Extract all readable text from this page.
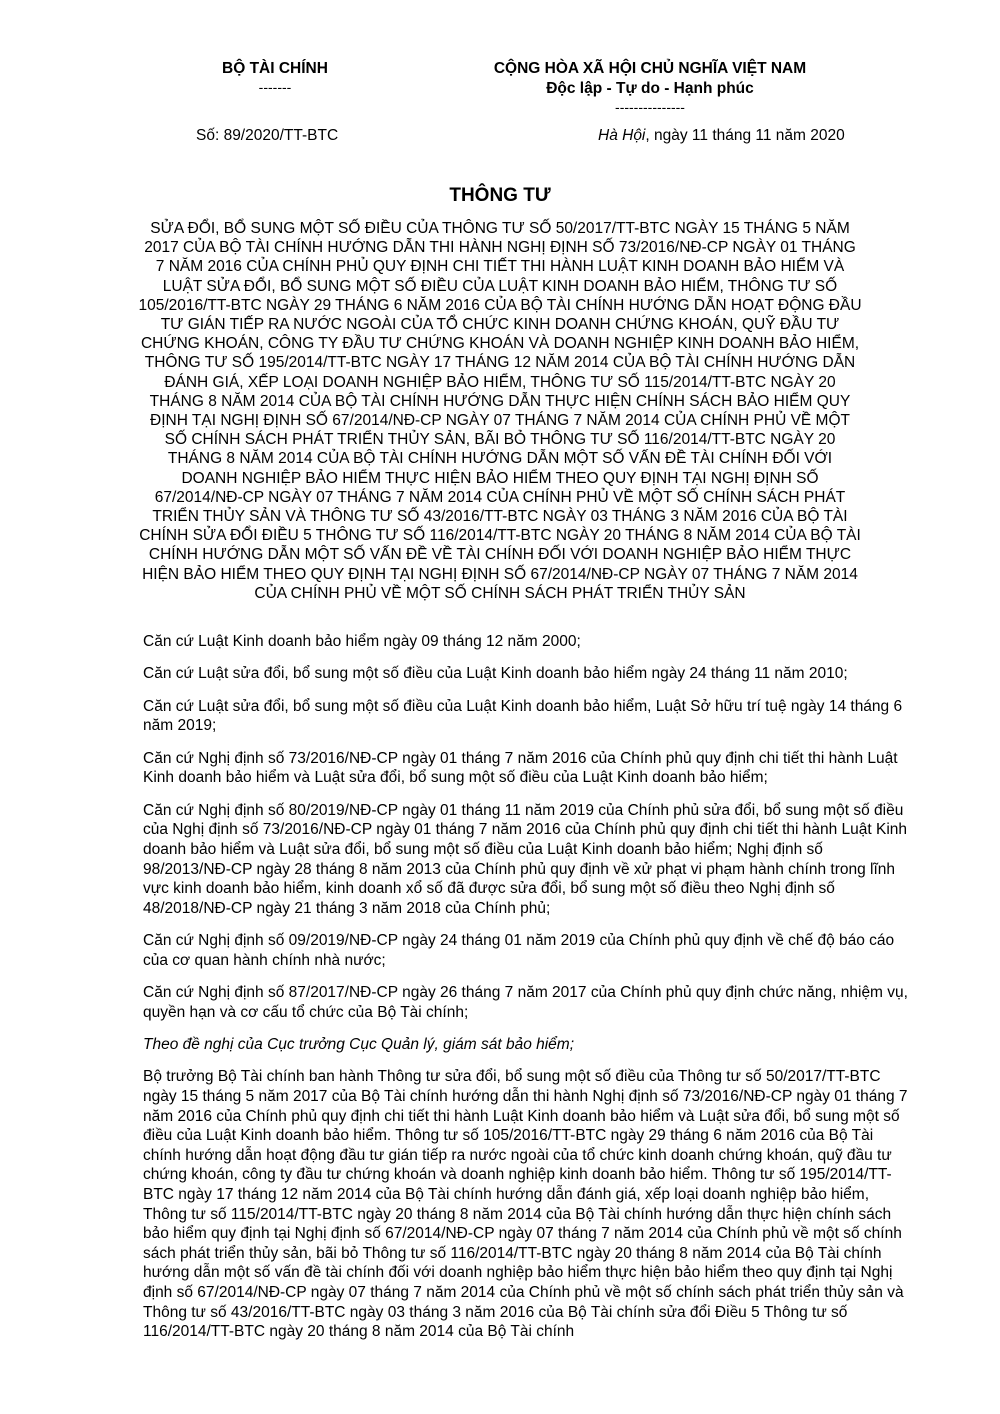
BỘ TÀI CHÍNH
-------
CỘNG HÒA XÃ HỘI CHỦ NGHĨA VIỆT NAM
Độc lập - Tự do - Hạnh phúc
---------------
Số: 89/2020/TT-BTC	Hà Hội, ngày 11 tháng 11 năm 2020
THÔNG TƯ
SỬA ĐỔI, BỔ SUNG MỘT SỐ ĐIỀU CỦA THÔNG TƯ SỐ 50/2017/TT-BTC NGÀY 15 THÁNG 5 NĂM 2017 CỦA BỘ TÀI CHÍNH HƯỚNG DẪN THI HÀNH NGHỊ ĐỊNH SỐ 73/2016/NĐ-CP NGÀY 01 THÁNG 7 NĂM 2016 CỦA CHÍNH PHỦ QUY ĐỊNH CHI TIẾT THI HÀNH LUẬT KINH DOANH BẢO HIỂM VÀ LUẬT SỬA ĐỔI, BỔ SUNG MỘT SỐ ĐIỀU CỦA LUẬT KINH DOANH BẢO HIỂM, THÔNG TƯ SỐ 105/2016/TT-BTC NGÀY 29 THÁNG 6 NĂM 2016 CỦA BỘ TÀI CHÍNH HƯỚNG DẪN HOẠT ĐỘNG ĐẦU TƯ GIÁN TIẾP RA NƯỚC NGOÀI CỦA TỔ CHỨC KINH DOANH CHỨNG KHOÁN, QUỸ ĐẦU TƯ CHỨNG KHOÁN, CÔNG TY ĐẦU TƯ CHỨNG KHOÁN VÀ DOANH NGHIỆP KINH DOANH BẢO HIỂM, THÔNG TƯ SỐ 195/2014/TT-BTC NGÀY 17 THÁNG 12 NĂM 2014 CỦA BỘ TÀI CHÍNH HƯỚNG DẪN ĐÁNH GIÁ, XẾP LOẠI DOANH NGHIỆP BẢO HIỂM, THÔNG TƯ SỐ 115/2014/TT-BTC NGÀY 20 THÁNG 8 NĂM 2014 CỦA BỘ TÀI CHÍNH HƯỚNG DẪN THỰC HIỆN CHÍNH SÁCH BẢO HIỂM QUY ĐỊNH TẠI NGHỊ ĐỊNH SỐ 67/2014/NĐ-CP NGÀY 07 THÁNG 7 NĂM 2014 CỦA CHÍNH PHỦ VỀ MỘT SỐ CHÍNH SÁCH PHÁT TRIỂN THỦY SẢN, BÃI BỎ THÔNG TƯ SỐ 116/2014/TT-BTC NGÀY 20 THÁNG 8 NĂM 2014 CỦA BỘ TÀI CHÍNH HƯỚNG DẪN MỘT SỐ VẤN ĐỀ TÀI CHÍNH ĐỐI VỚI DOANH NGHIỆP BẢO HIỂM THỰC HIỆN BẢO HIỂM THEO QUY ĐỊNH TẠI NGHỊ ĐỊNH SỐ 67/2014/NĐ-CP NGÀY 07 THÁNG 7 NĂM 2014 CỦA CHÍNH PHỦ VỀ MỘT SỐ CHÍNH SÁCH PHÁT TRIỂN THỦY SẢN VÀ THÔNG TƯ SỐ 43/2016/TT-BTC NGÀY 03 THÁNG 3 NĂM 2016 CỦA BỘ TÀI CHÍNH SỬA ĐỔI ĐIỀU 5 THÔNG TƯ SỐ 116/2014/TT-BTC NGÀY 20 THÁNG 8 NĂM 2014 CỦA BỘ TÀI CHÍNH HƯỚNG DẪN MỘT SỐ VẤN ĐỀ VỀ TÀI CHÍNH ĐỐI VỚI DOANH NGHIỆP BẢO HIỂM THỰC HIỆN BẢO HIỂM THEO QUY ĐỊNH TẠI NGHỊ ĐỊNH SỐ 67/2014/NĐ-CP NGÀY 07 THÁNG 7 NĂM 2014 CỦA CHÍNH PHỦ VỀ MỘT SỐ CHÍNH SÁCH PHÁT TRIỂN THỦY SẢN

Căn cứ Luật Kinh doanh bảo hiểm ngày 09 tháng 12 năm 2000;

Căn cứ Luật sửa đổi, bổ sung một số điều của Luật Kinh doanh bảo hiểm ngày 24 tháng 11 năm 2010;

Căn cứ Luật sửa đổi, bổ sung một số điều của Luật Kinh doanh bảo hiểm, Luật Sở hữu trí tuệ ngày 14 tháng 6 năm 2019;

Căn cứ Nghị định số 73/2016/NĐ-CP ngày 01 tháng 7 năm 2016 của Chính phủ quy định chi tiết thi hành Luật Kinh doanh bảo hiểm và Luật sửa đổi, bổ sung một số điều của Luật Kinh doanh bảo hiểm;

Căn cứ Nghị định số 80/2019/NĐ-CP ngày 01 tháng 11 năm 2019 của Chính phủ sửa đổi, bổ sung một số điều của Nghị định số 73/2016/NĐ-CP ngày 01 tháng 7 năm 2016 của Chính phủ quy định chi tiết thi hành Luật Kinh doanh bảo hiểm và Luật sửa đổi, bổ sung một số điều của Luật Kinh doanh bảo hiểm; Nghị định số 98/2013/NĐ-CP ngày 28 tháng 8 năm 2013 của Chính phủ quy định về xử phạt vi phạm hành chính trong lĩnh vực kinh doanh bảo hiểm, kinh doanh xổ số đã được sửa đổi, bổ sung một số điều theo Nghị định số 48/2018/NĐ-CP ngày 21 tháng 3 năm 2018 của Chính phủ;

Căn cứ Nghị định số 09/2019/NĐ-CP ngày 24 tháng 01 năm 2019 của Chính phủ quy định về chế độ báo cáo của cơ quan hành chính nhà nước;

Căn cứ Nghị định số 87/2017/NĐ-CP ngày 26 tháng 7 năm 2017 của Chính phủ quy định chức năng, nhiệm vụ, quyền hạn và cơ cấu tổ chức của Bộ Tài chính;

Theo đề nghị của Cục trưởng Cục Quản lý, giám sát bảo hiểm;

Bộ trưởng Bộ Tài chính ban hành Thông tư sửa đổi, bổ sung một số điều của Thông tư số 50/2017/TT-BTC ngày 15 tháng 5 năm 2017 của Bộ Tài chính hướng dẫn thi hành Nghị định số 73/2016/NĐ-CP ngày 01 tháng 7 năm 2016 của Chính phủ quy định chi tiết thi hành Luật Kinh doanh bảo hiểm và Luật sửa đổi, bổ sung một số điều của Luật Kinh doanh bảo hiểm. Thông tư số 105/2016/TT-BTC ngày 29 tháng 6 năm 2016 của Bộ Tài chính hướng dẫn hoạt động đầu tư gián tiếp ra nước ngoài của tổ chức kinh doanh chứng khoán, quỹ đầu tư chứng khoán, công ty đầu tư chứng khoán và doanh nghiệp kinh doanh bảo hiểm. Thông tư số 195/2014/TT-BTC ngày 17 tháng 12 năm 2014 của Bộ Tài chính hướng dẫn đánh giá, xếp loại doanh nghiệp bảo hiểm, Thông tư số 115/2014/TT-BTC ngày 20 tháng 8 năm 2014 của Bộ Tài chính hướng dẫn thực hiện chính sách bảo hiểm quy định tại Nghị định số 67/2014/NĐ-CP ngày 07 tháng 7 năm 2014 của Chính phủ về một số chính sách phát triển thủy sản, bãi bỏ Thông tư số 116/2014/TT-BTC ngày 20 tháng 8 năm 2014 của Bộ Tài chính hướng dẫn một số vấn đề tài chính đối với doanh nghiệp bảo hiểm thực hiện bảo hiểm theo quy định tại Nghị định số 67/2014/NĐ-CP ngày 07 tháng 7 năm 2014 của Chính phủ về một số chính sách phát triển thủy sản và Thông tư số 43/2016/TT-BTC ngày 03 tháng 3 năm 2016 của Bộ Tài chính sửa đổi Điều 5 Thông tư số 116/2014/TT-BTC ngày 20 tháng 8 năm 2014 của Bộ Tài chính
